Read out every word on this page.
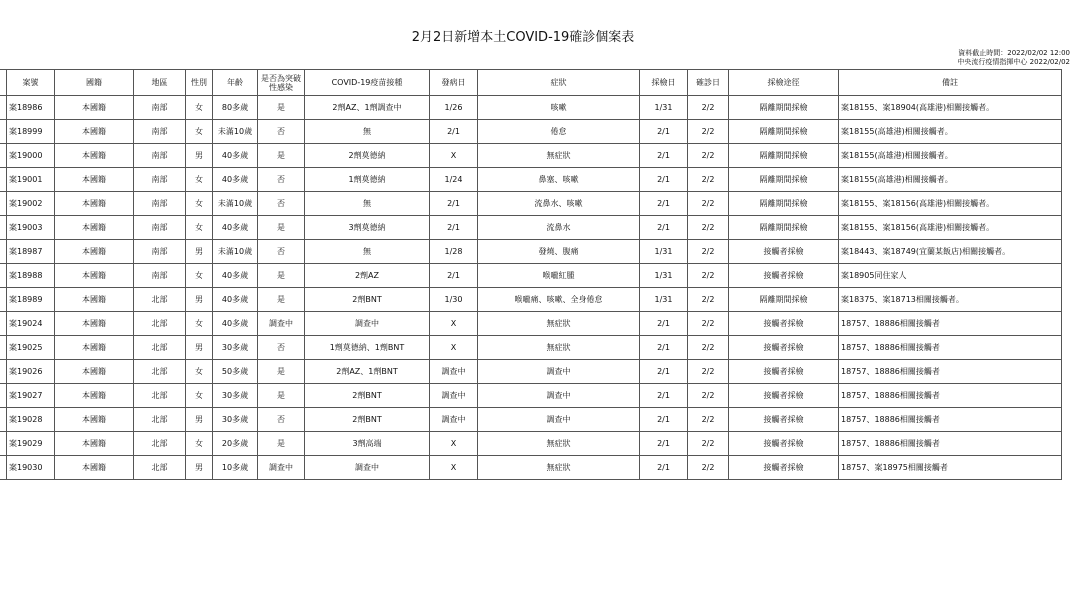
2月2日新增本土COVID-19確診個案表
資料截止時間：2022/02/02 12:00
中央流行疫情指揮中心 2022/02/02
	案號	國籍	地區	性別	年齡	是否為突破性感染	COVID-19疫苗接種	發病日	症狀	採檢日	確診日	採檢途徑	備註
	案18986	本國籍	南部	女	80多歲	是	2劑AZ、1劑調查中	1/26	咳嗽	1/31	2/2	隔離期間採檢	案18155、案18904(高雄港)相關接觸者。
	案18999	本國籍	南部	女	未滿10歲	否	無	2/1	倦怠	2/1	2/2	隔離期間採檢	案18155(高雄港)相關接觸者。
	案19000	本國籍	南部	男	40多歲	是	2劑莫德納	X	無症狀	2/1	2/2	隔離期間採檢	案18155(高雄港)相關接觸者。
	案19001	本國籍	南部	女	40多歲	否	1劑莫德納	1/24	鼻塞、咳嗽	2/1	2/2	隔離期間採檢	案18155(高雄港)相關接觸者。
	案19002	本國籍	南部	女	未滿10歲	否	無	2/1	流鼻水、咳嗽	2/1	2/2	隔離期間採檢	案18155、案18156(高雄港)相關接觸者。
	案19003	本國籍	南部	女	40多歲	是	3劑莫德納	2/1	流鼻水	2/1	2/2	隔離期間採檢	案18155、案18156(高雄港)相關接觸者。
	案18987	本國籍	南部	男	未滿10歲	否	無	1/28	發燒、腹痛	1/31	2/2	接觸者採檢	案18443、案18749(宜蘭某飯店)相關接觸者。
	案18988	本國籍	南部	女	40多歲	是	2劑AZ	2/1	喉嚨紅腫	1/31	2/2	接觸者採檢	案18905同住家人
	案18989	本國籍	北部	男	40多歲	是	2劑BNT	1/30	喉嚨痛、咳嗽、全身倦怠	1/31	2/2	隔離期間採檢	案18375、案18713相關接觸者。
	案19024	本國籍	北部	女	40多歲	調查中	調查中	X	無症狀	2/1	2/2	接觸者採檢	18757、18886相關接觸者
	案19025	本國籍	北部	男	30多歲	否	1劑莫德納、1劑BNT	X	無症狀	2/1	2/2	接觸者採檢	18757、18886相關接觸者
	案19026	本國籍	北部	女	50多歲	是	2劑AZ、1劑BNT	調查中	調查中	2/1	2/2	接觸者採檢	18757、18886相關接觸者
	案19027	本國籍	北部	女	30多歲	是	2劑BNT	調查中	調查中	2/1	2/2	接觸者採檢	18757、18886相關接觸者
	案19028	本國籍	北部	男	30多歲	否	2劑BNT	調查中	調查中	2/1	2/2	接觸者採檢	18757、18886相關接觸者
	案19029	本國籍	北部	女	20多歲	是	3劑高端	X	無症狀	2/1	2/2	接觸者採檢	18757、18886相關接觸者
	案19030	本國籍	北部	男	10多歲	調查中	調查中	X	無症狀	2/1	2/2	接觸者採檢	18757、案18975相關接觸者
